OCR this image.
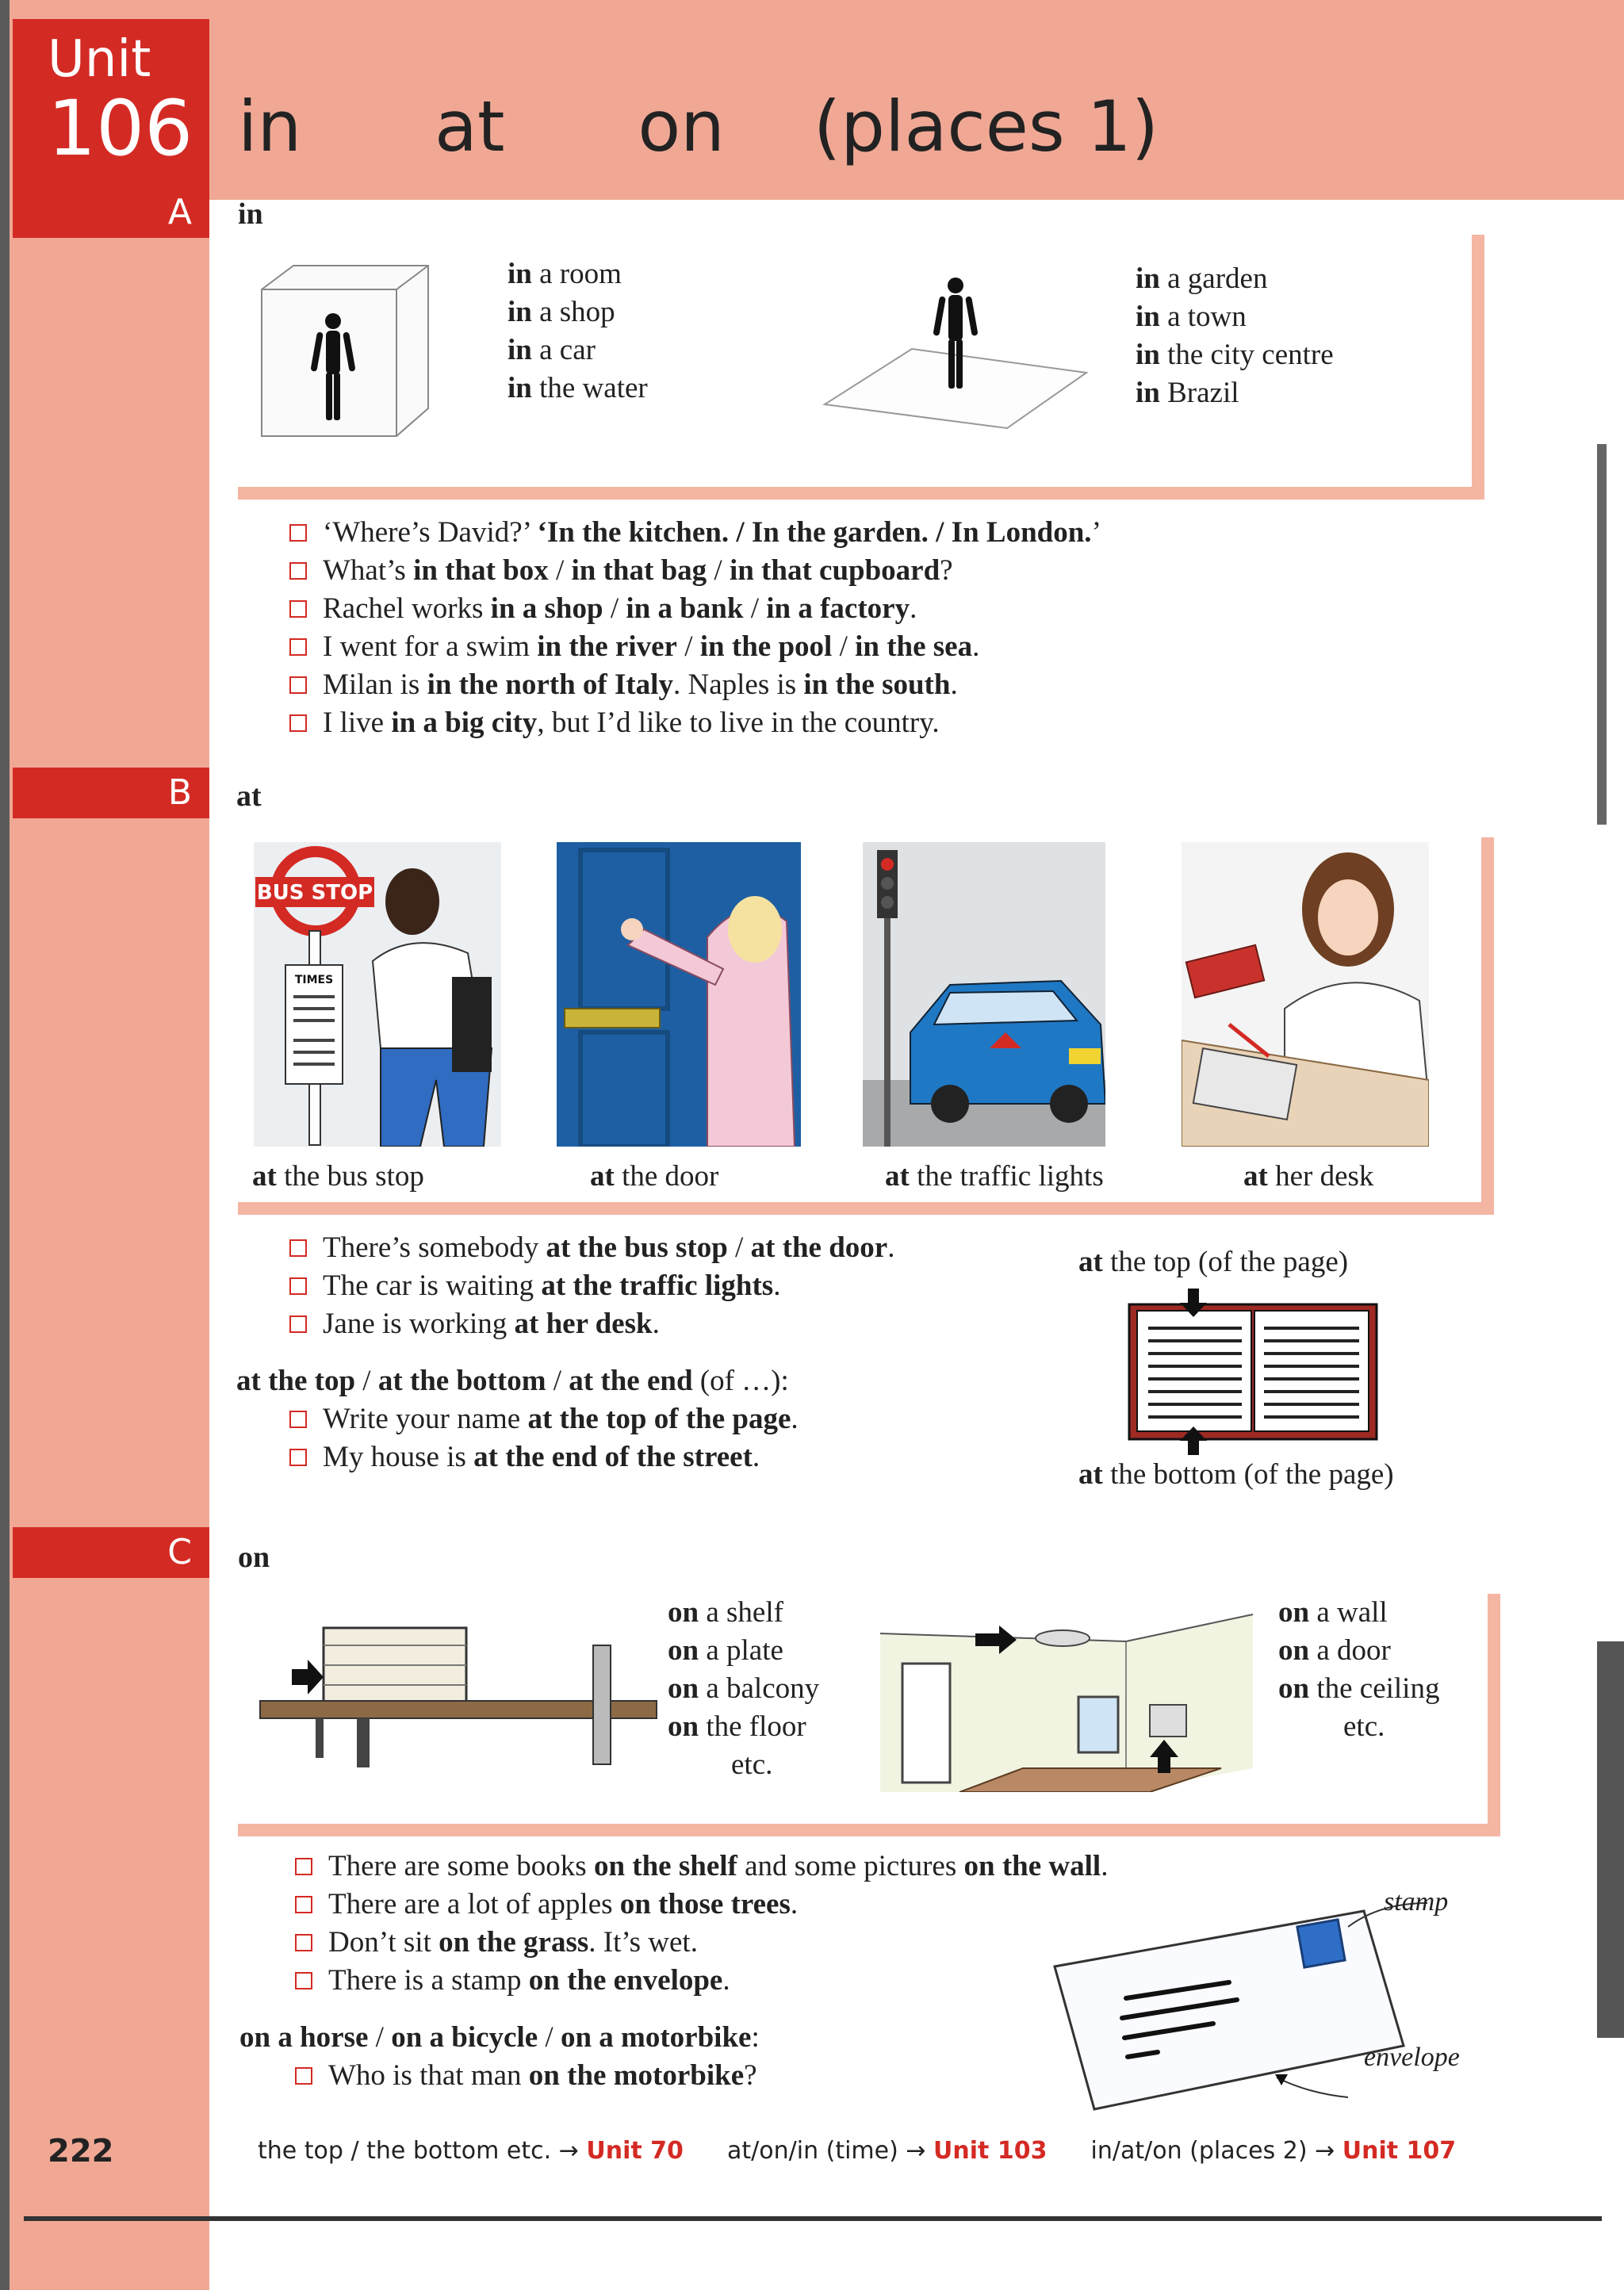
Unit
106 in      at      on    (places 1)
A in
in a room
in a shop
in a car
in the water
in a garden
in a town
in the city centre
in Brazil
‘Where’s David?’ ‘In the kitchen. / In the garden. / In London.’
What’s in that box / in that bag / in that cupboard?
Rachel works in a shop / in a bank / in a factory.
I went for a swim in the river / in the pool / in the sea.
Milan is in the north of Italy. Naples is in the south.
I live in a big city, but I’d like to live in the country.
B at
BUS STOP
TIMES
at the bus stop	at the door	at the traffic lights	at her desk
There’s somebody at the bus stop / at the door.
The car is waiting at the traffic lights.
Jane is working at her desk.
at the top / at the bottom / at the end (of …):
Write your name at the top of the page.
My house is at the end of the street.
at the top (of the page)
at the bottom (of the page)
C on
on a shelf
on a plate
on a balcony
on the floor
etc.
on a wall
on a door
on the ceiling
etc.
There are some books on the shelf and some pictures on the wall.
There are a lot of apples on those trees.
Don’t sit on the grass. It’s wet.
There is a stamp on the envelope.
on a horse / on a bicycle / on a motorbike:
Who is that man on the motorbike?
stamp
envelope
222	the top / the bottom etc. → Unit 70 at/on/in (time) → Unit 103 in/at/on (places 2) → Unit 107
